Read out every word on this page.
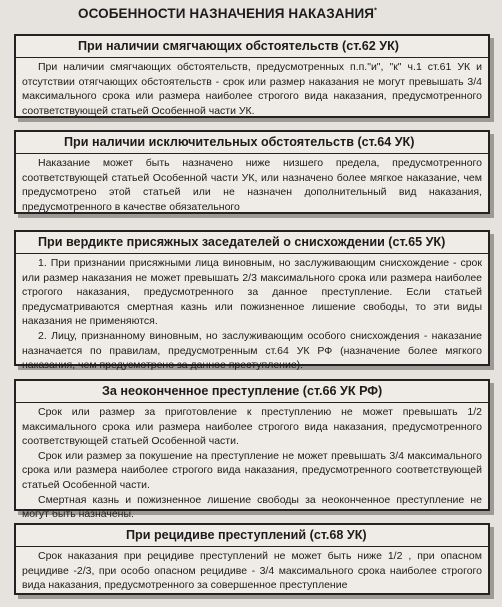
ОСОБЕННОСТИ НАЗНАЧЕНИЯ НАКАЗАНИЯ*
При наличии смягчающих обстоятельств (ст.62 УК)

При наличии смягчающих обстоятельств, предусмотренных п.п."и", "к" ч.1 ст.61 УК и отсутствии отягчающих обстоятельств - срок или размер наказания не могут превышать 3/4 максимального срока или размера наиболее строгого вида наказания, предусмотренного соответствующей статьей Особенной части УК.

При наличии исключительных обстоятельств (ст.64 УК)

Наказание может быть назначено ниже низшего предела, предусмотренного соответствующей статьей Особенной части УК, или назначено более мягкое наказание, чем предусмотрено этой статьей или не назначен дополнительный вид наказания, предусмотренного в качестве обязательного

При вердикте присяжных заседателей о снисхождении (ст.65 УК)

1. При признании присяжными лица виновным, но заслуживающим снисхождение - срок или размер наказания не может превышать 2/3 максимального срока или размера наиболее строгого наказания, предусмотренного за данное преступление. Если статьей предусматриваются смертная казнь или пожизненное лишение свободы, то эти виды наказания не применяются.

2. Лицу, признанному виновным, но заслуживающим особого снисхождения - наказание назначается по правилам, предусмотренным ст.64 УК РФ (назначение более мягкого наказания, чем предусмотрено за данное преступление).

За неоконченное преступление (ст.66 УК РФ)

Срок или размер за приготовление к преступлению не может превышать 1/2 максимального срока или размера наиболее строгого вида наказания, предусмотренного соответствующей статьей Особенной части.

Срок или размер за покушение на преступление не может превышать 3/4 максимального срока или размера наиболее строгого вида наказания, предусмотренного соответствующей статьей Особенной части.

Смертная казнь и пожизненное лишение свободы за неоконченное преступление не могут быть назначены.

При рецидиве преступлений (ст.68 УК)

Срок наказания при рецидиве преступлений не может быть ниже 1/2 , при опасном рецидиве -2/3, при особо опасном рецидиве - 3/4 максимального срока наиболее строгого вида наказания, предусмотренного за совершенное преступление
